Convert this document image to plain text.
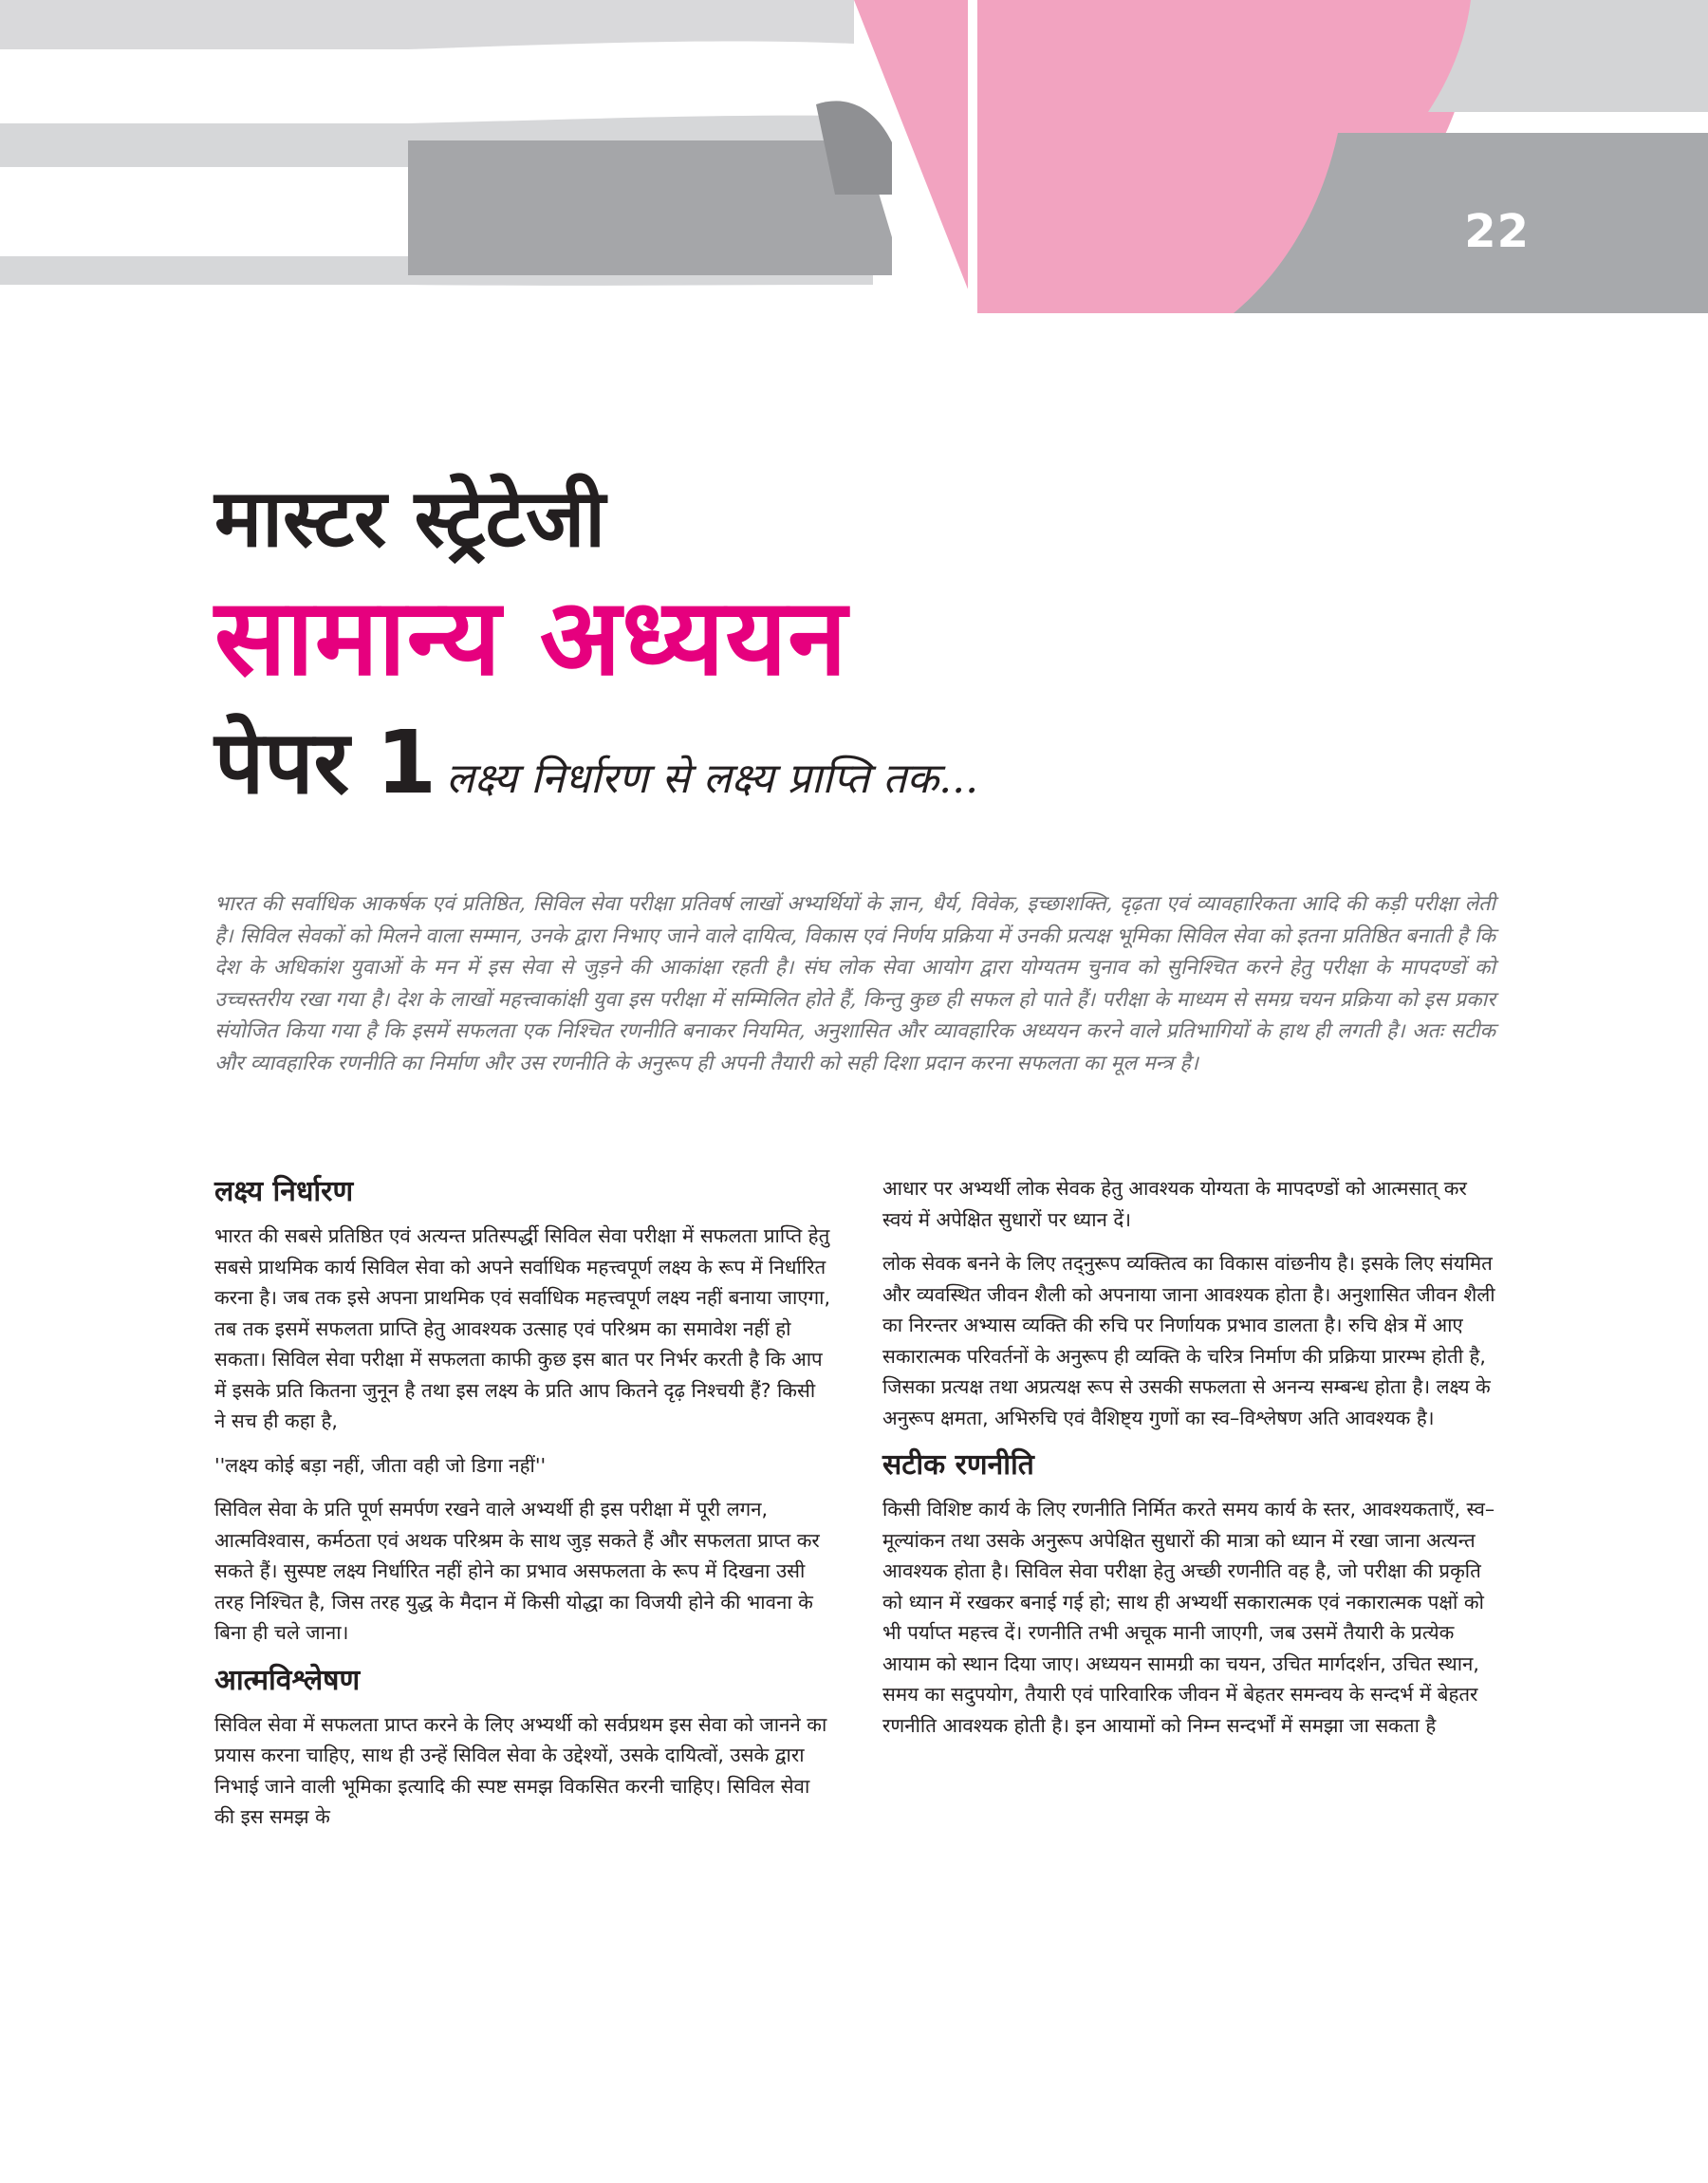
22
मास्टर स्ट्रेटेजी
सामान्य अध्ययन
पेपर 1 लक्ष्य निर्धारण से लक्ष्य प्राप्ति तक...

भारत की सर्वाधिक आकर्षक एवं प्रतिष्ठित, सिविल सेवा परीक्षा प्रतिवर्ष लाखों अभ्यर्थियों के ज्ञान, धैर्य, विवेक, इच्छाशक्ति, दृढ़ता एवं व्यावहारिकता आदि की कड़ी परीक्षा लेती है। सिविल सेवकों को मिलने वाला सम्मान, उनके द्वारा निभाए जाने वाले दायित्व, विकास एवं निर्णय प्रक्रिया में उनकी प्रत्यक्ष भूमिका सिविल सेवा को इतना प्रतिष्ठित बनाती है कि देश के अधिकांश युवाओं के मन में इस सेवा से जुड़ने की आकांक्षा रहती है। संघ लोक सेवा आयोग द्वारा योग्यतम चुनाव को सुनिश्चित करने हेतु परीक्षा के मापदण्डों को उच्चस्तरीय रखा गया है। देश के लाखों महत्त्वाकांक्षी युवा इस परीक्षा में सम्मिलित होते हैं, किन्तु कुछ ही सफल हो पाते हैं। परीक्षा के माध्यम से समग्र चयन प्रक्रिया को इस प्रकार संयोजित किया गया है कि इसमें सफलता एक निश्चित रणनीति बनाकर नियमित, अनुशासित और व्यावहारिक अध्ययन करने वाले प्रतिभागियों के हाथ ही लगती है। अतः सटीक और व्यावहारिक रणनीति का निर्माण और उस रणनीति के अनुरूप ही अपनी तैयारी को सही दिशा प्रदान करना सफलता का मूल मन्त्र है।

लक्ष्य निर्धारण

भारत की सबसे प्रतिष्ठित एवं अत्यन्त प्रतिस्पर्द्धी सिविल सेवा परीक्षा में सफलता प्राप्ति हेतु सबसे प्राथमिक कार्य सिविल सेवा को अपने सर्वाधिक महत्त्वपूर्ण लक्ष्य के रूप में निर्धारित करना है। जब तक इसे अपना प्राथमिक एवं सर्वाधिक महत्त्वपूर्ण लक्ष्य नहीं बनाया जाएगा, तब तक इसमें सफलता प्राप्ति हेतु आवश्यक उत्साह एवं परिश्रम का समावेश नहीं हो सकता। सिविल सेवा परीक्षा में सफलता काफी कुछ इस बात पर निर्भर करती है कि आप में इसके प्रति कितना जुनून है तथा इस लक्ष्य के प्रति आप कितने दृढ़ निश्चयी हैं? किसी ने सच ही कहा है,

''लक्ष्य कोई बड़ा नहीं, जीता वही जो डिगा नहीं''

सिविल सेवा के प्रति पूर्ण समर्पण रखने वाले अभ्यर्थी ही इस परीक्षा में पूरी लगन, आत्मविश्वास, कर्मठता एवं अथक परिश्रम के साथ जुड़ सकते हैं और सफलता प्राप्त कर सकते हैं। सुस्पष्ट लक्ष्य निर्धारित नहीं होने का प्रभाव असफलता के रूप में दिखना उसी तरह निश्चित है, जिस तरह युद्ध के मैदान में किसी योद्धा का विजयी होने की भावना के बिना ही चले जाना।

आत्मविश्लेषण

सिविल सेवा में सफलता प्राप्त करने के लिए अभ्यर्थी को सर्वप्रथम इस सेवा को जानने का प्रयास करना चाहिए, साथ ही उन्हें सिविल सेवा के उद्देश्यों, उसके दायित्वों, उसके द्वारा निभाई जाने वाली भूमिका इत्यादि की स्पष्ट समझ विकसित करनी चाहिए। सिविल सेवा की इस समझ के

आधार पर अभ्यर्थी लोक सेवक हेतु आवश्यक योग्यता के मापदण्डों को आत्मसात् कर स्वयं में अपेक्षित सुधारों पर ध्यान दें।

लोक सेवक बनने के लिए तद्नुरूप व्यक्तित्व का विकास वांछनीय है। इसके लिए संयमित और व्यवस्थित जीवन शैली को अपनाया जाना आवश्यक होता है। अनुशासित जीवन शैली का निरन्तर अभ्यास व्यक्ति की रुचि पर निर्णायक प्रभाव डालता है। रुचि क्षेत्र में आए सकारात्मक परिवर्तनों के अनुरूप ही व्यक्ति के चरित्र निर्माण की प्रक्रिया प्रारम्भ होती है, जिसका प्रत्यक्ष तथा अप्रत्यक्ष रूप से उसकी सफलता से अनन्य सम्बन्ध होता है। लक्ष्य के अनुरूप क्षमता, अभिरुचि एवं वैशिष्ट्य गुणों का स्व–विश्लेषण अति आवश्यक है।

सटीक रणनीति

किसी विशिष्ट कार्य के लिए रणनीति निर्मित करते समय कार्य के स्तर, आवश्यकताएँ, स्व–मूल्यांकन तथा उसके अनुरूप अपेक्षित सुधारों की मात्रा को ध्यान में रखा जाना अत्यन्त आवश्यक होता है। सिविल सेवा परीक्षा हेतु अच्छी रणनीति वह है, जो परीक्षा की प्रकृति को ध्यान में रखकर बनाई गई हो; साथ ही अभ्यर्थी सकारात्मक एवं नकारात्मक पक्षों को भी पर्याप्त महत्त्व दें। रणनीति तभी अचूक मानी जाएगी, जब उसमें तैयारी के प्रत्येक आयाम को स्थान दिया जाए। अध्ययन सामग्री का चयन, उचित मार्गदर्शन, उचित स्थान, समय का सदुपयोग, तैयारी एवं पारिवारिक जीवन में बेहतर समन्वय के सन्दर्भ में बेहतर रणनीति आवश्यक होती है। इन आयामों को निम्न सन्दर्भों में समझा जा सकता है
